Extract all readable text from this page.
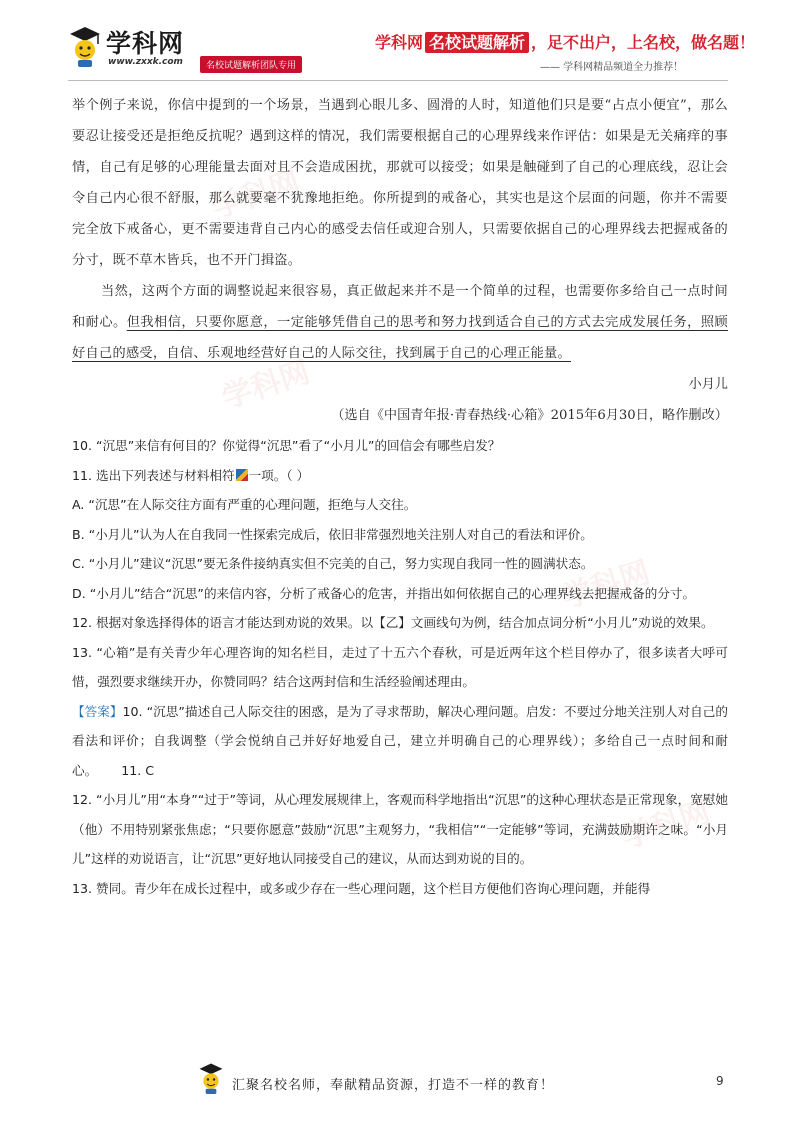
学科网
www.zxxk.com	名校试题解析团队专用
学科网 名校试题解析 ，足不出户，上名校，做名题！
—— 学科网精品频道全力推荐！
学科网
学科网
学科网
学科网

举个例子来说，你信中提到的一个场景，当遇到心眼儿多、圆滑的人时，知道他们只是要“占点小便宜”，那么要忍让接受还是拒绝反抗呢？遇到这样的情况，我们需要根据自己的心理界线来作评估：如果是无关痛痒的事情，自己有足够的心理能量去面对且不会造成困扰，那就可以接受；如果是触碰到了自己的心理底线，忍让会令自己内心很不舒服，那么就要毫不犹豫地拒绝。你所提到的戒备心，其实也是这个层面的问题，你并不需要完全放下戒备心，更不需要违背自己内心的感受去信任或迎合别人，只需要依据自己的心理界线去把握戒备的分寸，既不草木皆兵，也不开门揖盗。

当然，这两个方面的调整说起来很容易，真正做起来并不是一个简单的过程，也需要你多给自己一点时间和耐心。但我相信，只要你愿意，一定能够凭借自己的思考和努力找到适合自己的方式去完成发展任务，照顾好自己的感受，自信、乐观地经营好自己的人际交往，找到属于自己的心理正能量。

小月儿

（选自《中国青年报·青春热线·心箱》2015年6月30日，略作删改）

10. “沉思”来信有何目的？你觉得“沉思”看了“小月儿”的回信会有哪些启发？

11. 选出下列表述与材料相符 一项。（ ）

A. “沉思”在人际交往方面有严重的心理问题，拒绝与人交往。

B. “小月儿”认为人在自我同一性探索完成后，依旧非常强烈地关注别人对自己的看法和评价。

C. “小月儿”建议“沉思”要无条件接纳真实但不完美的自己，努力实现自我同一性的圆满状态。

D. “小月儿”结合“沉思”的来信内容，分析了戒备心的危害，并指出如何依据自己的心理界线去把握戒备的分寸。

12. 根据对象选择得体的语言才能达到劝说的效果。以【乙】文画线句为例，结合加点词分析“小月儿”劝说的效果。

13. “心箱”是有关青少年心理咨询的知名栏目，走过了十五六个春秋，可是近两年这个栏目停办了，很多读者大呼可惜，强烈要求继续开办，你赞同吗？结合这两封信和生活经验阐述理由。

【答案】10. “沉思”描述自己人际交往的困惑，是为了寻求帮助，解决心理问题。启发：不要过分地关注别人对自己的看法和评价；自我调整（学会悦纳自己并好好地爱自己，建立并明确自己的心理界线）；多给自己一点时间和耐心。 11. C

12. “小月儿”用“本身”“过于”等词，从心理发展规律上，客观而科学地指出“沉思”的这种心理状态是正常现象，宽慰她（他）不用特别紧张焦虑；“只要你愿意”鼓励“沉思”主观努力，“我相信”“一定能够”等词，充满鼓励期许之味。“小月儿”这样的劝说语言，让“沉思”更好地认同接受自己的建议，从而达到劝说的目的。

13. 赞同。青少年在成长过程中，或多或少存在一些心理问题，这个栏目方便他们咨询心理问题，并能得

汇聚名校名师，奉献精品资源，打造不一样的教育！	9
